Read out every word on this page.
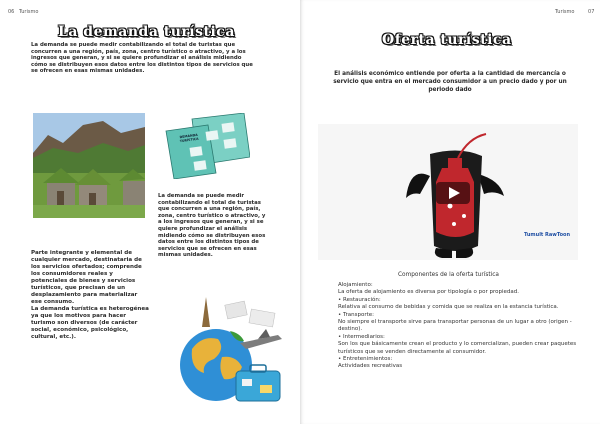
06 Turismo
La demanda turística
La demanda se puede medir contabilizando el total de turistas que concurren a una región, país, zona, centro turístico o atractivo, y a los ingresos que generan, y si se quiere profundizar el análisis midiendo cómo se distribuyen esos datos entre los distintos tipos de servicios que se ofrecen en esas mismas unidades.
DEMANDA TURÍSTICA
La demanda se puede medir contabilizando el total de turistas que concurren a una región, país, zona, centro turístico o atractivo, y a los ingresos que generan, y si se quiere profundizar el análisis midiendo cómo se distribuyen esos datos entre los distintos tipos de servicios que se ofrecen en esas mismas unidades.
Parte integrante y elemental de cualquier mercado, destinataria de los servicios ofertados; comprende los consumidores reales y potenciales de bienes y servicios turísticos, que precisan de un desplazamiento para materializar ese consumo.
La demanda turística es heterogénea ya que los motivos para hacer turismo son diversos (de carácter social, económico, psicológico, cultural, etc.).
Turismo	07
Oferta turística
El análisis económico entiende por oferta a la cantidad de mercancía o servicio que entra en el mercado consumidor a un precio dado y por un periodo dado
Tumult RawToon
Componentes de la oferta turística
Alojamiento:
La oferta de alojamiento es diversa por tipología o por propiedad.
• Restauración:
Relativa al consumo de bebidas y comida que se realiza en la estancia turística.
• Transporte:
No siempre el transporte sirve para transportar personas de un lugar a otro (origen - destino).
• Intermediarios:
Son los que básicamente crean el producto y lo comercializan, pueden crear paquetes turísticos que se venden directamente al consumidor.
• Entretenimientos:
Actividades recreativas
